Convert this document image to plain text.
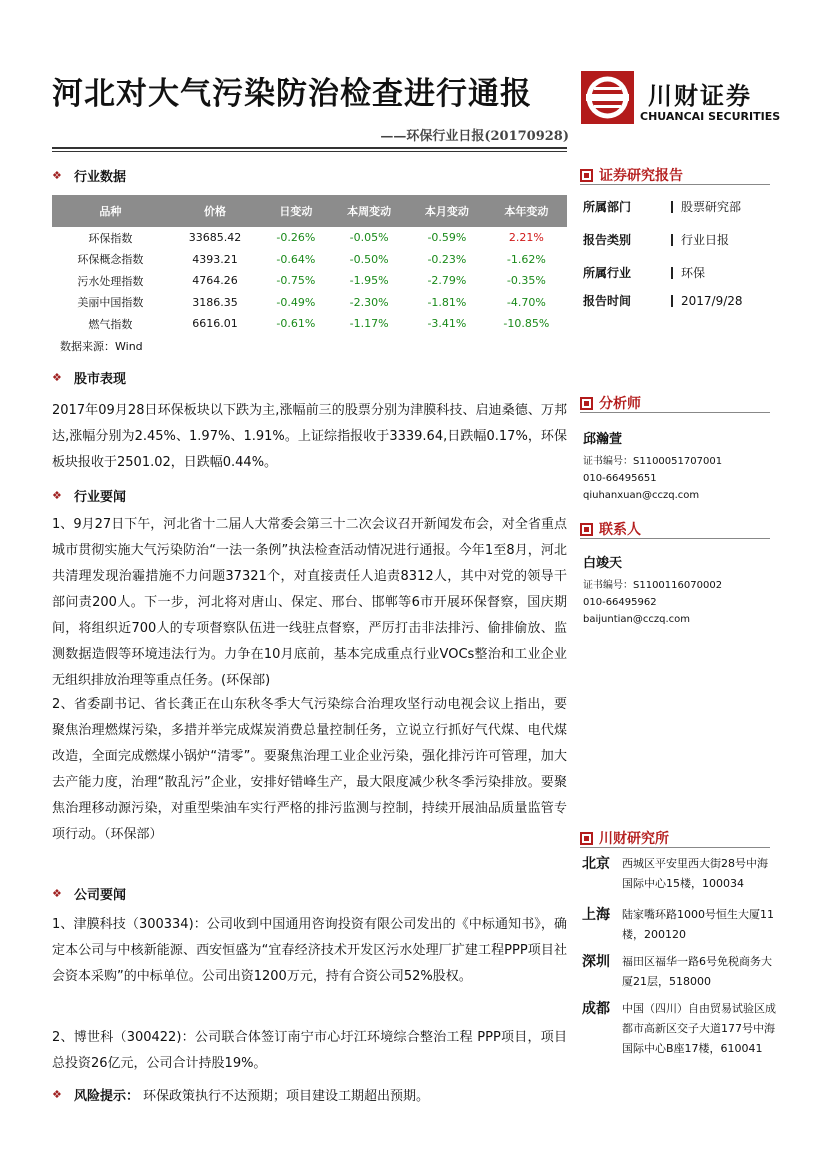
河北对大气污染防治检查进行通报
——环保行业日报(20170928)
川财证券
CHUANCAI SECURITIES
❖ 行业数据
品种	价格	日变动	本周变动	本月变动	本年变动
环保指数	33685.42	-0.26%	-0.05%	-0.59%	2.21%
环保概念指数	4393.21	-0.64%	-0.50%	-0.23%	-1.62%
污水处理指数	4764.26	-0.75%	-1.95%	-2.79%	-0.35%
美丽中国指数	3186.35	-0.49%	-2.30%	-1.81%	-4.70%
燃气指数	6616.01	-0.61%	-1.17%	-3.41%	-10.85%
数据来源：Wind
❖ 股市表现
2017年09月28日环保板块以下跌为主,涨幅前三的股票分别为津膜科技、启迪桑德、万邦达,涨幅分别为2.45%、1.97%、1.91%。上证综指报收于3339.64,日跌幅0.17%，环保板块报收于2501.02，日跌幅0.44%。
❖ 行业要闻
1、9月27日下午，河北省十二届人大常委会第三十二次会议召开新闻发布会，对全省重点城市贯彻实施大气污染防治“一法一条例”执法检查活动情况进行通报。今年1至8月，河北共清理发现治霾措施不力问题37321个，对直接责任人追责8312人，其中对党的领导干部问责200人。下一步，河北将对唐山、保定、邢台、邯郸等6市开展环保督察，国庆期间，将组织近700人的专项督察队伍进一线驻点督察，严厉打击非法排污、偷排偷放、监测数据造假等环境违法行为。力争在10月底前，基本完成重点行业VOCs整治和工业企业无组织排放治理等重点任务。(环保部)
2、省委副书记、省长龚正在山东秋冬季大气污染综合治理攻坚行动电视会议上指出，要聚焦治理燃煤污染，多措并举完成煤炭消费总量控制任务，立说立行抓好气代煤、电代煤改造，全面完成燃煤小锅炉“清零”。要聚焦治理工业企业污染，强化排污许可管理，加大去产能力度，治理“散乱污”企业，安排好错峰生产，最大限度减少秋冬季污染排放。要聚焦治理移动源污染，对重型柴油车实行严格的排污监测与控制，持续开展油品质量监管专项行动。（环保部）
❖ 公司要闻
1、津膜科技（300334)：公司收到中国通用咨询投资有限公司发出的《中标通知书》，确定本公司与中核新能源、西安恒盛为“宜春经济技术开发区污水处理厂扩建工程PPP项目社会资本采购”的中标单位。公司出资1200万元，持有合资公司52%股权。
2、博世科（300422)：公司联合体签订南宁市心圩江环境综合整治工程 PPP项目，项目总投资26亿元，公司合计持股19%。
❖ 风险提示： 环保政策执行不达预期；项目建设工期超出预期。
证券研究报告
所属部门	股票研究部
报告类别	行业日报
所属行业	环保
报告时间	2017/9/28
分析师
邱瀚萱
证书编号：S1100051707001
010-66495651
qiuhanxuan@cczq.com
联系人
白竣天
证书编号：S1100116070002
010-66495962
baijuntian@cczq.com
川财研究所
北京	西城区平安里西大街28号中海国际中心15楼，100034
上海	陆家嘴环路1000号恒生大厦11楼，200120
深圳	福田区福华一路6号免税商务大厦21层，518000
成都	中国（四川）自由贸易试验区成都市高新区交子大道177号中海国际中心B座17楼，610041
